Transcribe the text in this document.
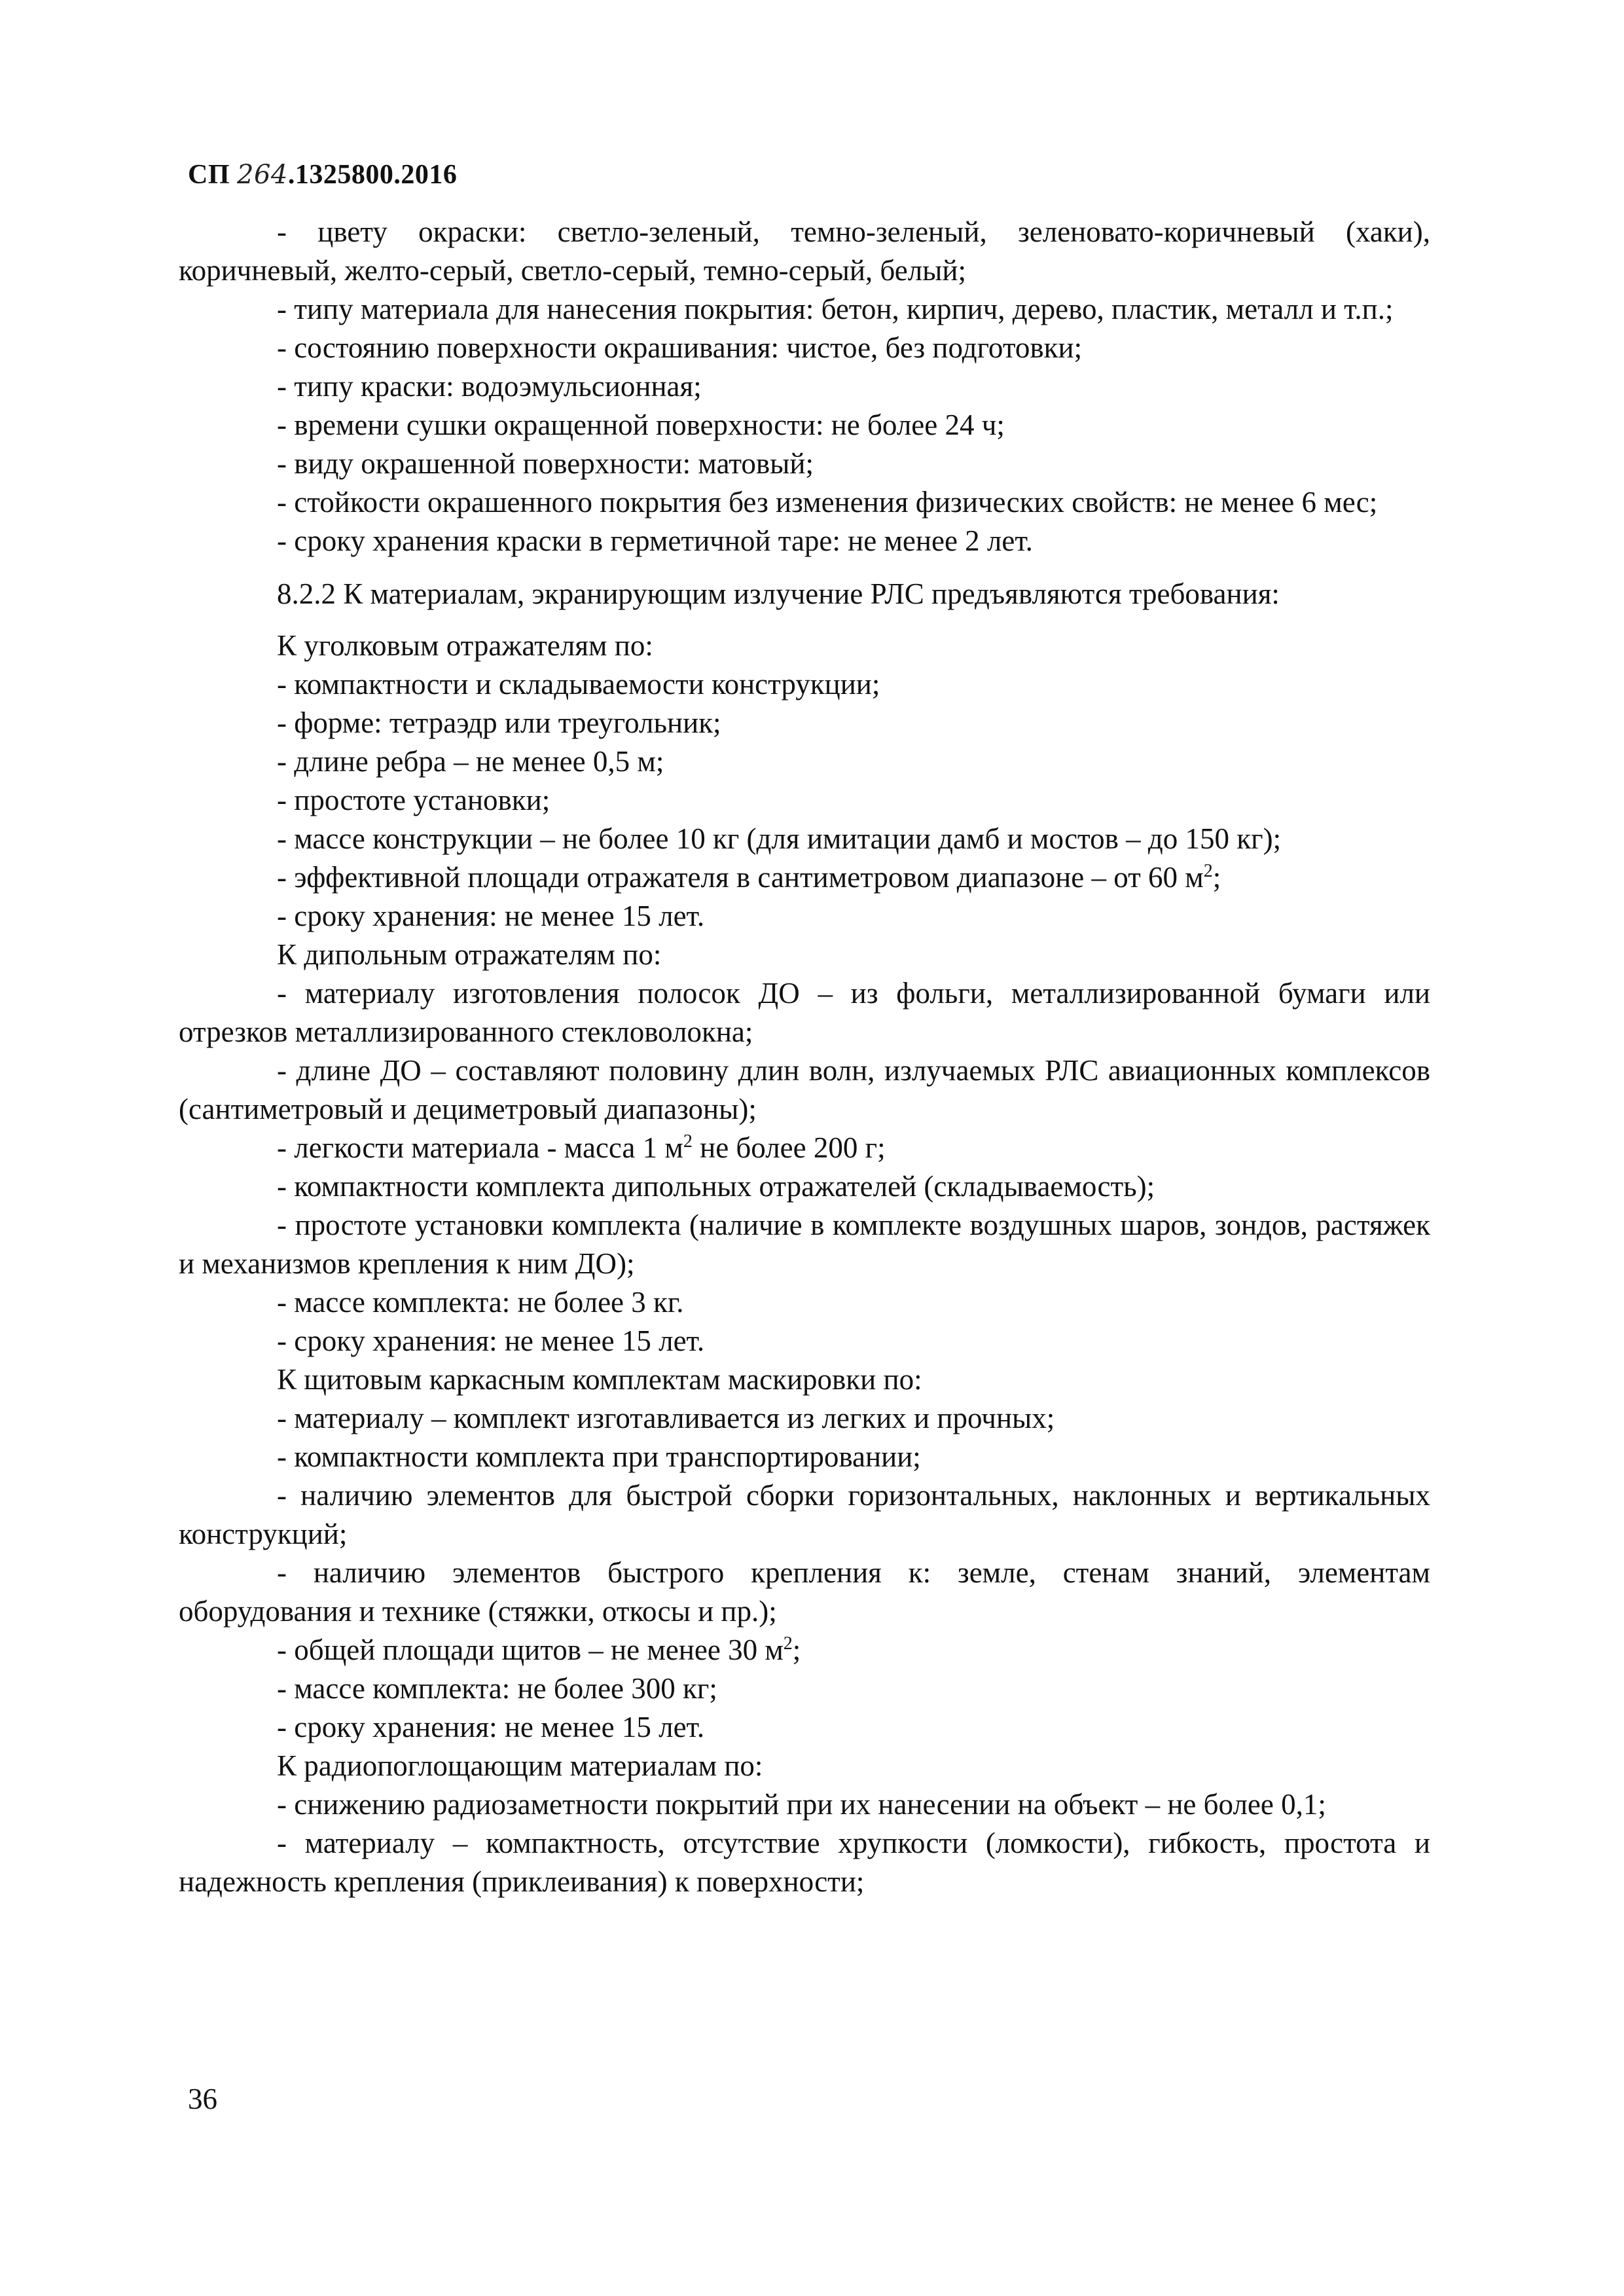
СП 264.1325800.2016

- цвету окраски: светло-зеленый, темно-зеленый, зеленовато-коричневый (хаки), коричневый, желто-серый, светло-серый, темно-серый, белый;

- типу материала для нанесения покрытия: бетон, кирпич, дерево, пластик, металл и т.п.;

- состоянию поверхности окрашивания: чистое, без подготовки;

- типу краски: водоэмульсионная;

- времени сушки окращенной поверхности: не более 24 ч;

- виду окрашенной поверхности: матовый;

- стойкости окрашенного покрытия без изменения физических свойств: не менее 6 мес;

- сроку хранения краски в герметичной таре: не менее 2 лет.

8.2.2 К материалам, экранирующим излучение РЛС предъявляются требования:

К уголковым отражателям по:

- компактности и складываемости конструкции;

- форме: тетраэдр или треугольник;

- длине ребра – не менее 0,5 м;

- простоте установки;

- массе конструкции – не более 10 кг (для имитации дамб и мостов – до 150 кг);

- эффективной площади отражателя в сантиметровом диапазоне – от 60 $м^2$;

- сроку хранения: не менее 15 лет.

К дипольным отражателям по:

- материалу изготовления полосок ДО – из фольги, металлизированной бумаги или отрезков металлизированного стекловолокна;

- длине ДО – составляют половину длин волн, излучаемых РЛС авиационных комплексов (сантиметровый и дециметровый диапазоны);

- легкости материала - масса 1 $м^2$ не более 200 г;

- компактности комплекта дипольных отражателей (складываемость);

- простоте установки комплекта (наличие в комплекте воздушных шаров, зондов, растяжек и механизмов крепления к ним ДО);

- массе комплекта: не более 3 кг.

- сроку хранения: не менее 15 лет.

К щитовым каркасным комплектам маскировки по:

- материалу – комплект изготавливается из легких и прочных;

- компактности комплекта при транспортировании;

- наличию элементов для быстрой сборки горизонтальных, наклонных и вертикальных конструкций;

- наличию элементов быстрого крепления к: земле, стенам знаний, элементам оборудования и технике (стяжки, откосы и пр.);

- общей площади щитов – не менее 30 $м^2$;

- массе комплекта: не более 300 кг;

- сроку хранения: не менее 15 лет.

К радиопоглощающим материалам по:

- снижению радиозаметности покрытий при их нанесении на объект – не более 0,1;

- материалу – компактность, отсутствие хрупкости (ломкости), гибкость, простота и надежность крепления (приклеивания) к поверхности;

36
